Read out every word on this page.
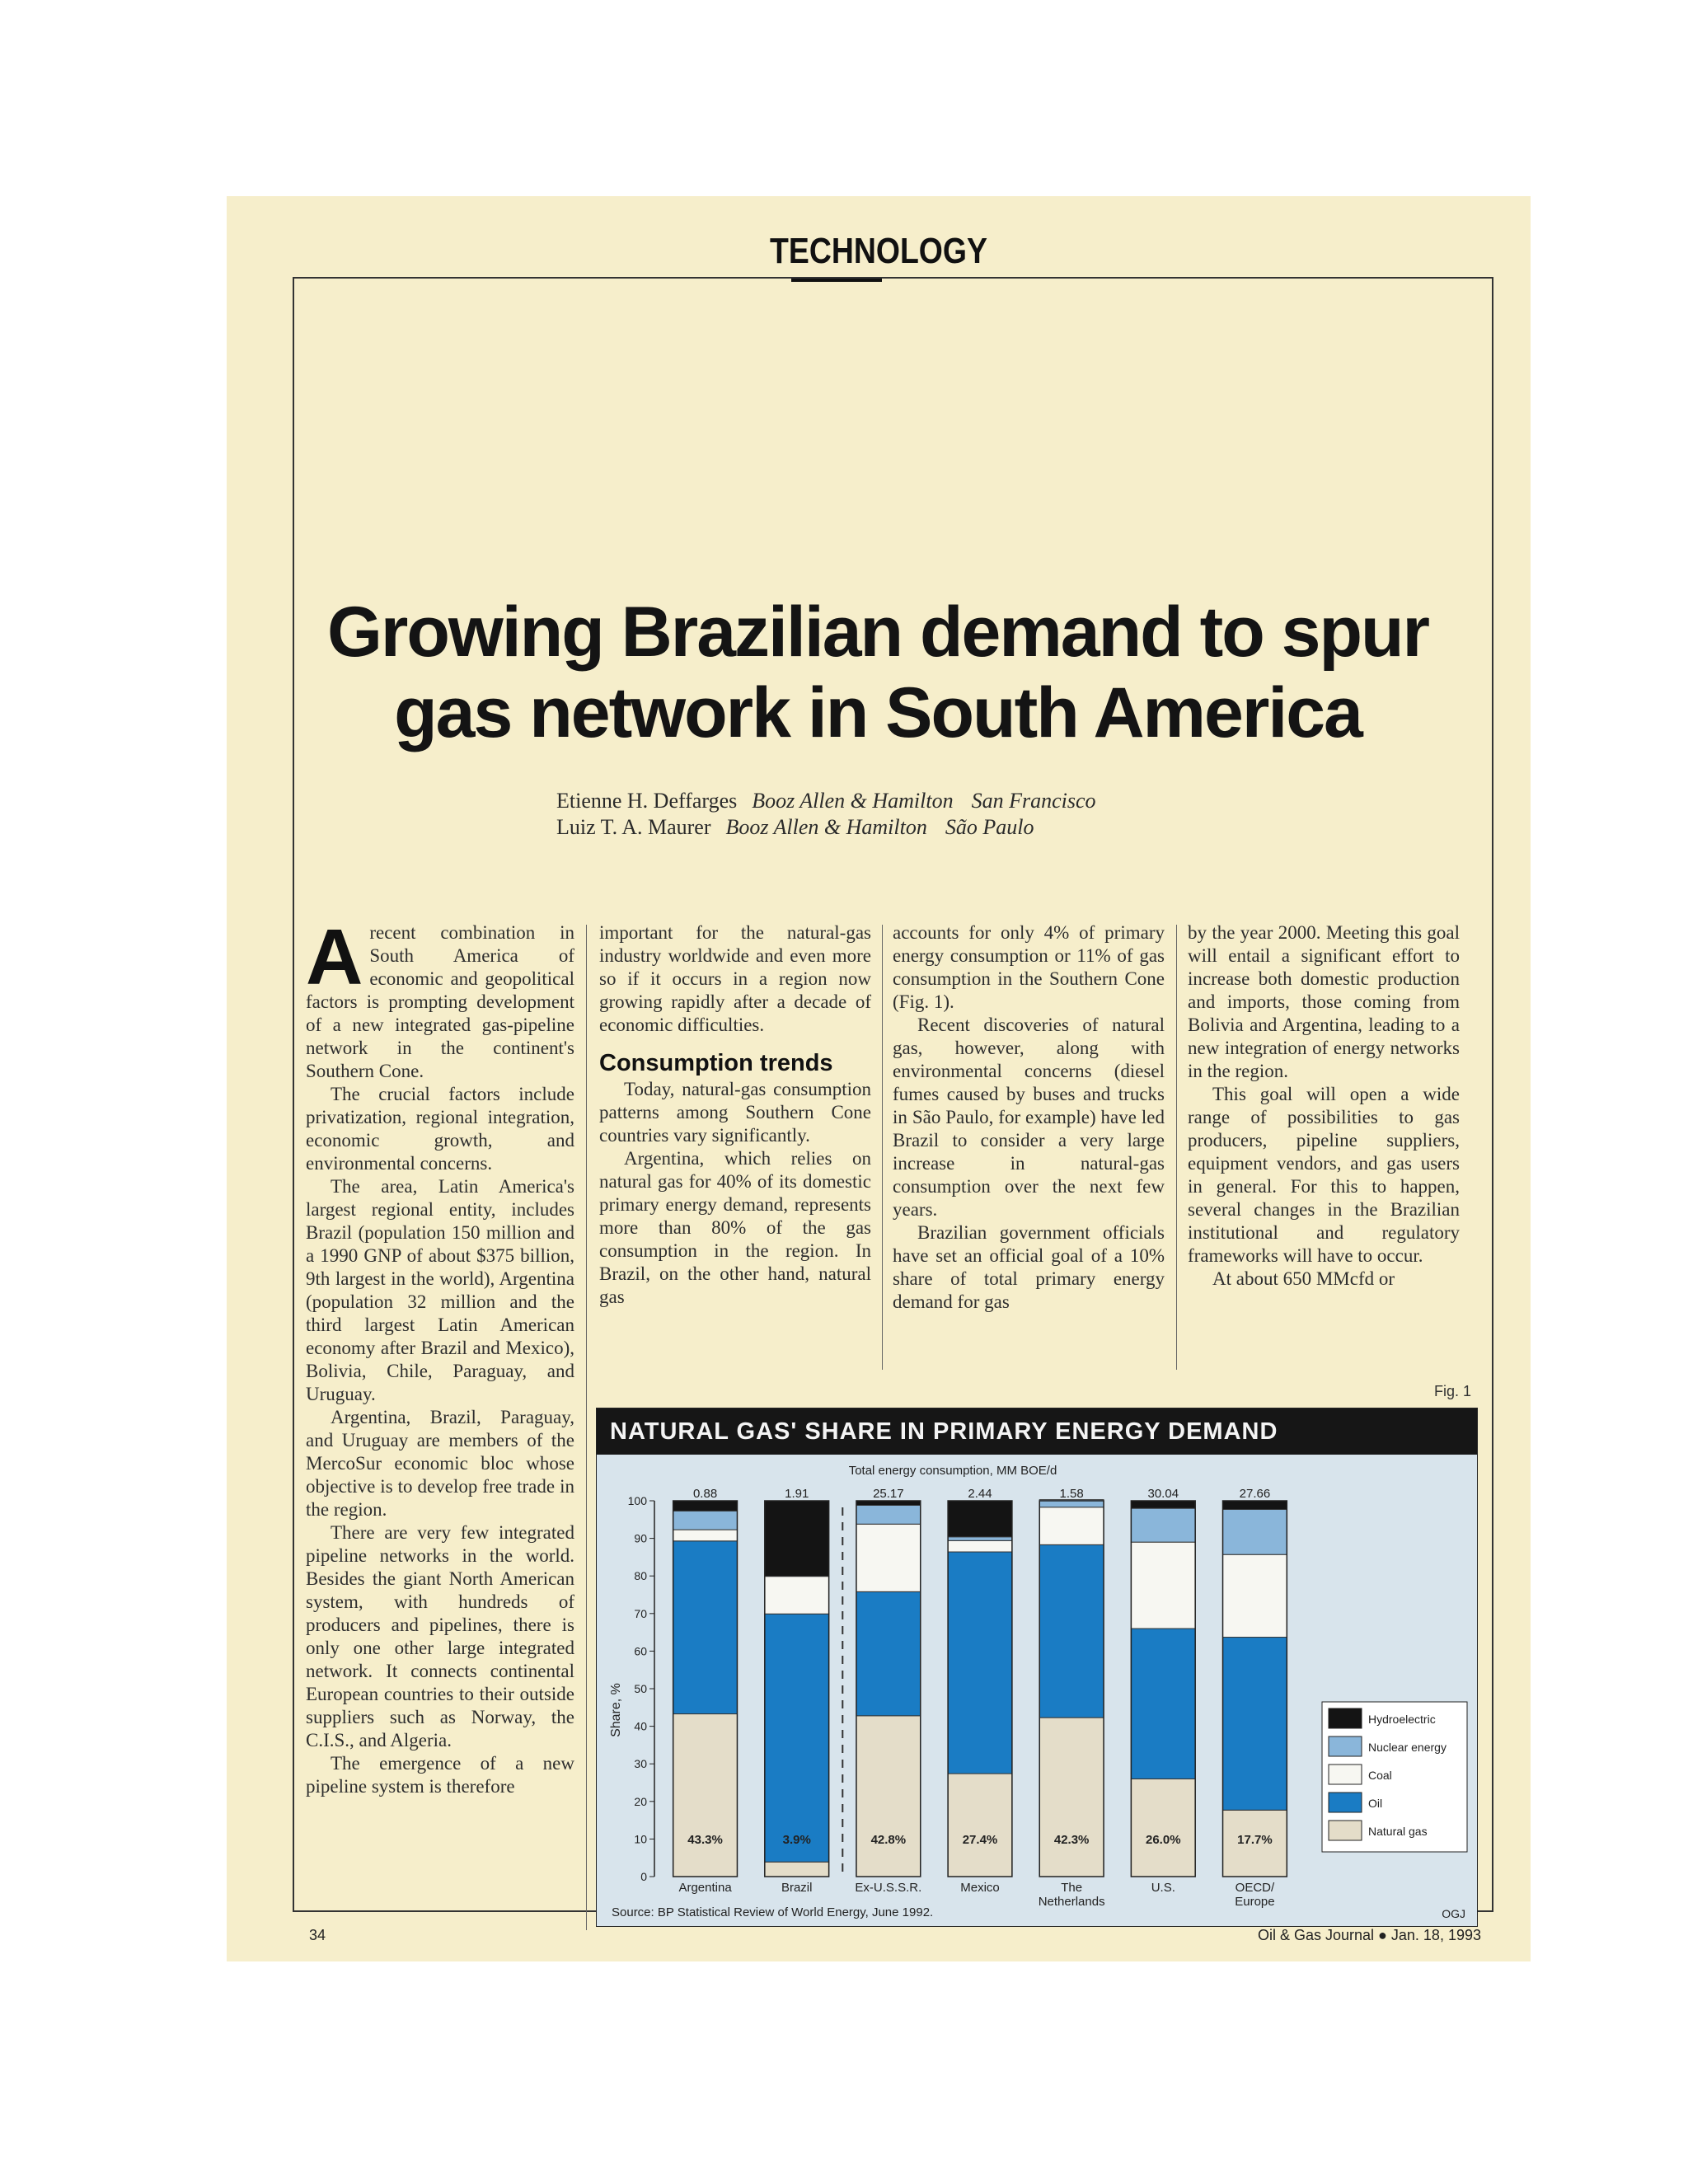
TECHNOLOGY
Growing Brazilian demand to spur
gas network in South America
Etienne H. Deffarges Booz Allen & Hamilton San Francisco
Luiz T. A. Maurer Booz Allen & Hamilton São Paulo

Arecent combination in South America of economic and geopolitical factors is prompting development of a new integrated gas-pipeline network in the continent's Southern Cone.

The crucial factors include privatization, regional integration, economic growth, and environmental concerns.

The area, Latin America's largest regional entity, includes Brazil (population 150 million and a 1990 GNP of about $375 billion, 9th largest in the world), Argentina (population 32 million and the third largest Latin American economy after Brazil and Mexico), Bolivia, Chile, Paraguay, and Uruguay.

Argentina, Brazil, Paraguay, and Uruguay are members of the MercoSur economic bloc whose objective is to develop free trade in the region.

There are very few integrated pipeline networks in the world. Besides the giant North American system, with hundreds of producers and pipelines, there is only one other large integrated network. It connects continental European countries to their outside suppliers such as Norway, the C.I.S., and Algeria.

The emergence of a new pipeline system is therefore

important for the natural-gas industry worldwide and even more so if it occurs in a region now growing rapidly after a decade of economic difficulties.

Consumption trends

Today, natural-gas consumption patterns among Southern Cone countries vary significantly.

Argentina, which relies on natural gas for 40% of its domestic primary energy demand, represents more than 80% of the gas consumption in the region. In Brazil, on the other hand, natural gas

accounts for only 4% of primary energy consumption or 11% of gas consumption in the Southern Cone (Fig. 1).

Recent discoveries of natural gas, however, along with environmental concerns (diesel fumes caused by buses and trucks in São Paulo, for example) have led Brazil to consider a very large increase in natural-gas consumption over the next few years.

Brazilian government officials have set an official goal of a 10% share of total primary energy demand for gas

by the year 2000. Meeting this goal will entail a significant effort to increase both domestic production and imports, those coming from Bolivia and Argentina, leading to a new integration of energy networks in the region.

This goal will open a wide range of possibilities to gas producers, pipeline suppliers, equipment vendors, and gas users in general. For this to happen, several changes in the Brazilian institutional and regulatory frameworks will have to occur.

At about 650 MMcfd or

Fig. 1
NATURAL GAS' SHARE IN PRIMARY ENERGY DEMAND
Total energy consumption, MM BOE/d
Share, %
0
10
20
30
40
50
60
70
80
90
100	0.88
43.3%
Argentina
1.91
3.9%
Brazil
25.17
42.8%
Ex-U.S.S.R.
2.44
27.4%
Mexico
1.58
42.3%
The
Netherlands
30.04
26.0%
U.S.
27.66
17.7%
OECD/
Europe
Hydroelectric
Nuclear energy
Coal
Oil
Natural gas
Source: BP Statistical Review of World Energy, June 1992.	OGJ
34	Oil & Gas Journal ● Jan. 18, 1993
